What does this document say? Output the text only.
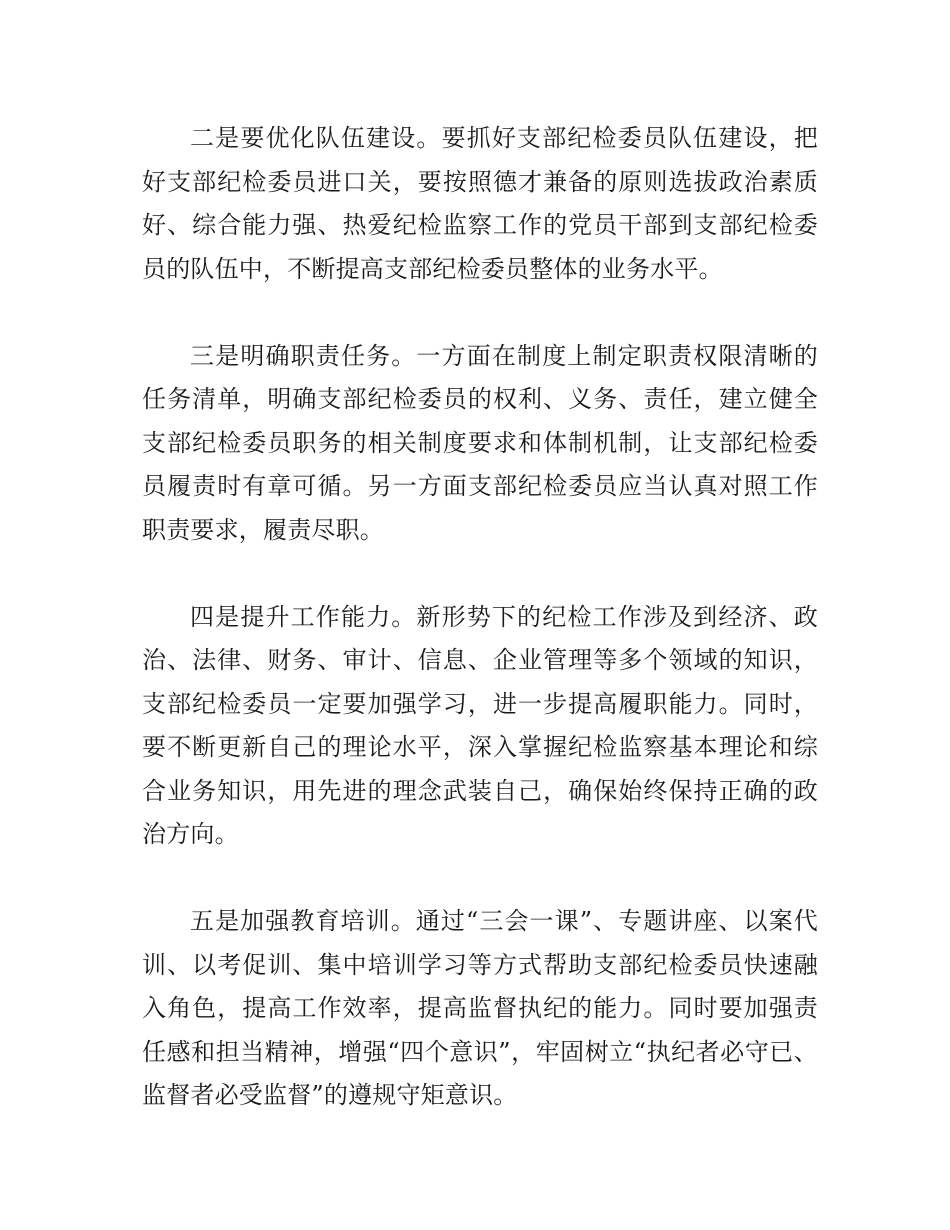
二是要优化队伍建设。要抓好支部纪检委员队伍建设，把好支部纪检委员进口关，要按照德才兼备的原则选拔政治素质好、综合能力强、热爱纪检监察工作的党员干部到支部纪检委员的队伍中，不断提高支部纪检委员整体的业务水平。

三是明确职责任务。一方面在制度上制定职责权限清晰的任务清单，明确支部纪检委员的权利、义务、责任，建立健全支部纪检委员职务的相关制度要求和体制机制，让支部纪检委员履责时有章可循。另一方面支部纪检委员应当认真对照工作职责要求，履责尽职。

四是提升工作能力。新形势下的纪检工作涉及到经济、政治、法律、财务、审计、信息、企业管理等多个领域的知识，支部纪检委员一定要加强学习，进一步提高履职能力。同时，要不断更新自己的理论水平，深入掌握纪检监察基本理论和综合业务知识，用先进的理念武装自己，确保始终保持正确的政治方向。

五是加强教育培训。通过“三会一课”、专题讲座、以案代训、以考促训、集中培训学习等方式帮助支部纪检委员快速融入角色，提高工作效率，提高监督执纪的能力。同时要加强责任感和担当精神，增强“四个意识”，牢固树立“执纪者必守已、监督者必受监督”的遵规守矩意识。
